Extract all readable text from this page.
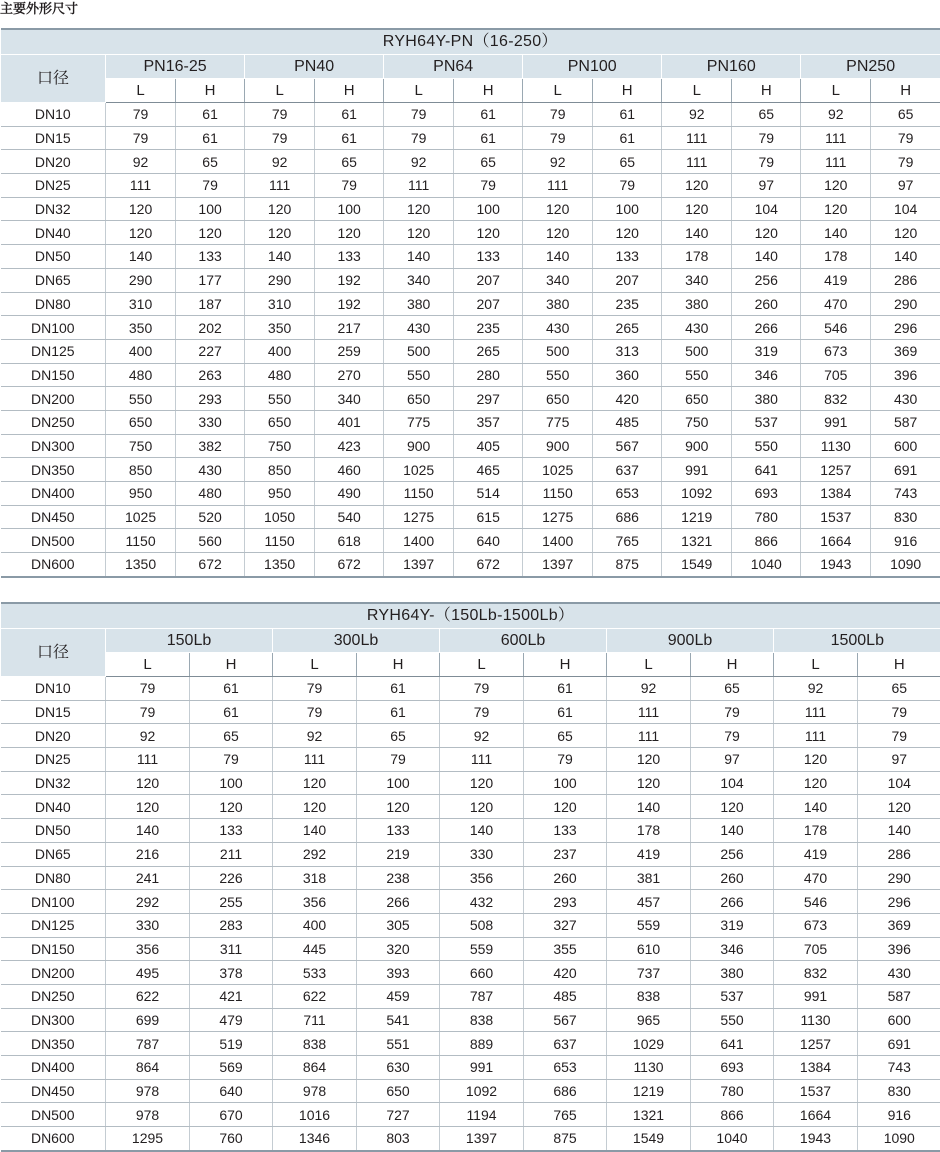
主要外形尺寸
RYH64Y-PN（16-250）												
口径	PN16-25		PN40		PN64		PN100		PN160		PN250	
	L	H	L	H	L	H	L	H	L	H	L	H
DN10	79	61	79	61	79	61	79	61	92	65	92	65
DN15	79	61	79	61	79	61	79	61	111	79	111	79
DN20	92	65	92	65	92	65	92	65	111	79	111	79
DN25	111	79	111	79	111	79	111	79	120	97	120	97
DN32	120	100	120	100	120	100	120	100	120	104	120	104
DN40	120	120	120	120	120	120	120	120	140	120	140	120
DN50	140	133	140	133	140	133	140	133	178	140	178	140
DN65	290	177	290	192	340	207	340	207	340	256	419	286
DN80	310	187	310	192	380	207	380	235	380	260	470	290
DN100	350	202	350	217	430	235	430	265	430	266	546	296
DN125	400	227	400	259	500	265	500	313	500	319	673	369
DN150	480	263	480	270	550	280	550	360	550	346	705	396
DN200	550	293	550	340	650	297	650	420	650	380	832	430
DN250	650	330	650	401	775	357	775	485	750	537	991	587
DN300	750	382	750	423	900	405	900	567	900	550	1130	600
DN350	850	430	850	460	1025	465	1025	637	991	641	1257	691
DN400	950	480	950	490	1150	514	1150	653	1092	693	1384	743
DN450	1025	520	1050	540	1275	615	1275	686	1219	780	1537	830
DN500	1150	560	1150	618	1400	640	1400	765	1321	866	1664	916
DN600	1350	672	1350	672	1397	672	1397	875	1549	1040	1943	1090
RYH64Y-（150Lb-1500Lb）										
口径	150Lb		300Lb		600Lb		900Lb		1500Lb	
	L	H	L	H	L	H	L	H	L	H
DN10	79	61	79	61	79	61	92	65	92	65
DN15	79	61	79	61	79	61	111	79	111	79
DN20	92	65	92	65	92	65	111	79	111	79
DN25	111	79	111	79	111	79	120	97	120	97
DN32	120	100	120	100	120	100	120	104	120	104
DN40	120	120	120	120	120	120	140	120	140	120
DN50	140	133	140	133	140	133	178	140	178	140
DN65	216	211	292	219	330	237	419	256	419	286
DN80	241	226	318	238	356	260	381	260	470	290
DN100	292	255	356	266	432	293	457	266	546	296
DN125	330	283	400	305	508	327	559	319	673	369
DN150	356	311	445	320	559	355	610	346	705	396
DN200	495	378	533	393	660	420	737	380	832	430
DN250	622	421	622	459	787	485	838	537	991	587
DN300	699	479	711	541	838	567	965	550	1130	600
DN350	787	519	838	551	889	637	1029	641	1257	691
DN400	864	569	864	630	991	653	1130	693	1384	743
DN450	978	640	978	650	1092	686	1219	780	1537	830
DN500	978	670	1016	727	1194	765	1321	866	1664	916
DN600	1295	760	1346	803	1397	875	1549	1040	1943	1090
